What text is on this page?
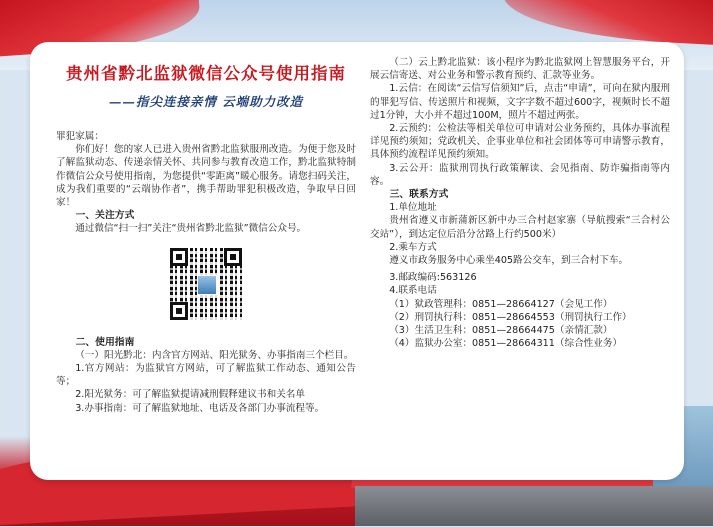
贵州省黔北监狱微信公众号使用指南
——指尖连接亲情 云端助力改造

罪犯家属：

你们好！您的家人已进入贵州省黔北监狱服刑改造。为便于您及时了解监狱动态、传递亲情关怀、共同参与教育改造工作，黔北监狱特制作微信公众号使用指南，为您提供“零距离”暖心服务。请您扫码关注，成为我们重要的“云端协作者”，携手帮助罪犯积极改造，争取早日回家！

一、关注方式

通过微信“扫一扫”关注“贵州省黔北监狱”微信公众号。

二、使用指南

（一）阳光黔北：内含官方网站、阳光狱务、办事指南三个栏目。

1.官方网站：为监狱官方网站，可了解监狱工作动态、通知公告等；

2.阳光狱务：可了解监狱提请减刑假释建议书和关名单

3.办事指南：可了解监狱地址、电话及各部门办事流程等。

（二）云上黔北监狱：该小程序为黔北监狱网上智慧服务平台，开展云信寄送、对公业务和警示教育预约、汇款等业务。

1.云信：在阅读“云信写信须知”后，点击“申请”，可向在狱内服刑的罪犯写信、传送照片和视频，文字字数不超过600字，视频时长不超过1分钟，大小并不超过100M，照片不超过两张。

2.云预约：公检法等相关单位可申请对公业务预约，具体办事流程详见预约须知；党政机关、企事业单位和社会团体等可申请警示教育，具体预约流程详见预约须知。

3.云公开：监狱刑罚执行政策解读、会见指南、防诈骗指南等内容。

三、联系方式

1.单位地址

贵州省遵义市新蒲新区新中办三合村赵家寨（导航搜索“三合村公交站”），到达定位后沿分岔路上行约500米）

2.乘车方式

遵义市政务服务中心乘坐405路公交车，到三合村下车。

3.邮政编码:563126

4.联系电话

（1）狱政管理科：0851—28664127（会见工作）

（2）刑罚执行科：0851—28664553（刑罚执行工作）

（3）生活卫生科：0851—28664475（亲情汇款）

（4）监狱办公室：0851—28664311（综合性业务）
